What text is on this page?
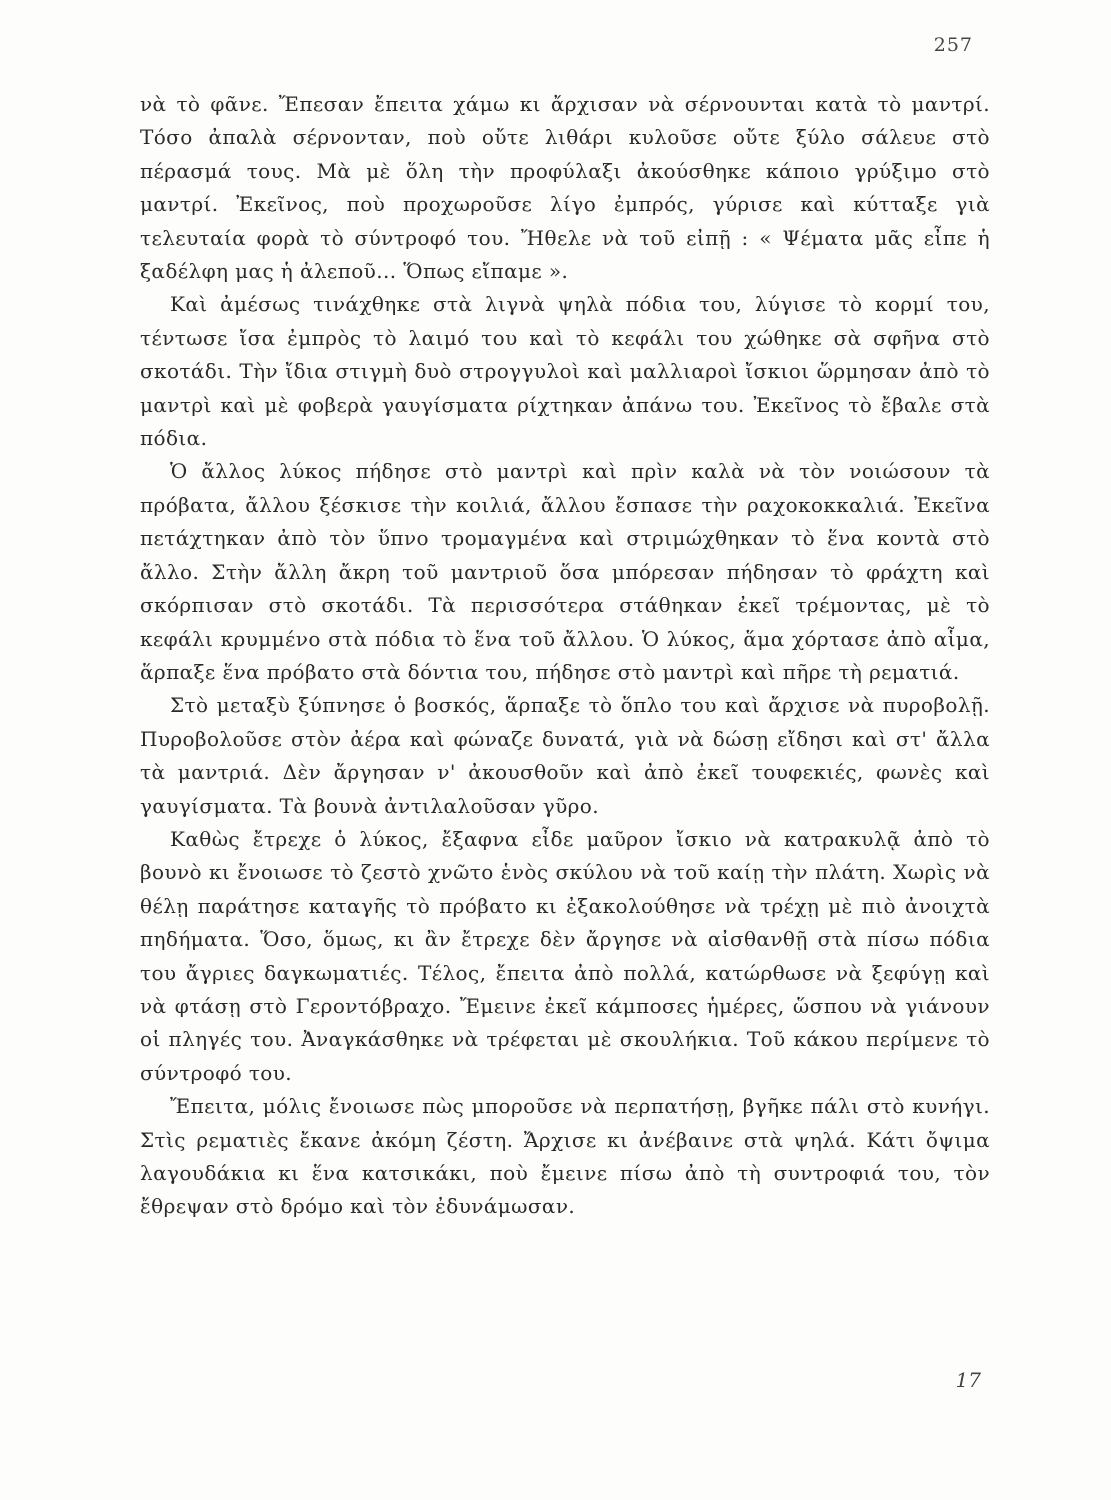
257

νὰ τὸ φᾶνε. Ἔπεσαν ἔπειτα χάμω κι ἄρχισαν νὰ σέρνουνται κατὰ τὸ μαντρί. Τόσο ἀπαλὰ σέρνονταν, ποὺ οὔτε λιθάρι κυλοῦσε οὔτε ξύλο σάλευε στὸ πέρασμά τους. Μὰ μὲ ὅλη τὴν προφύλαξι ἀκούσθηκε κάποιο γρύξιμο στὸ μαντρί. Ἐκεῖνος, ποὺ προχωροῦσε λίγο ἐμπρός, γύρισε καὶ κύτταξε γιὰ τελευταία φορὰ τὸ σύντροφό του. Ἤθελε νὰ τοῦ εἰπῇ : « Ψέματα μᾶς εἶπε ἡ ξαδέλφη μας ἡ ἀλεποῦ... Ὅπως εἴπαμε ».

Καὶ ἀμέσως τινάχθηκε στὰ λιγνὰ ψηλὰ πόδια του, λύγισε τὸ κορμί του, τέντωσε ἴσα ἐμπρὸς τὸ λαιμό του καὶ τὸ κεφάλι του χώθηκε σὰ σφῆνα στὸ σκοτάδι. Τὴν ἴδια στιγμὴ δυὸ στρογγυλοὶ καὶ μαλλιαροὶ ἴσκιοι ὥρμησαν ἀπὸ τὸ μαντρὶ καὶ μὲ φοβερὰ γαυγίσματα ρίχτηκαν ἀπάνω του. Ἐκεῖνος τὸ ἔβαλε στὰ πόδια.

Ὁ ἄλλος λύκος πήδησε στὸ μαντρὶ καὶ πρὶν καλὰ νὰ τὸν νοιώσουν τὰ πρόβατα, ἄλλου ξέσκισε τὴν κοιλιά, ἄλλου ἔσπασε τὴν ραχοκοκκαλιά. Ἐκεῖνα πετάχτηκαν ἀπὸ τὸν ὕπνο τρομαγμένα καὶ στριμώχθηκαν τὸ ἕνα κοντὰ στὸ ἄλλο. Στὴν ἄλλη ἄκρη τοῦ μαντριοῦ ὅσα μπόρεσαν πήδησαν τὸ φράχτη καὶ σκόρπισαν στὸ σκοτάδι. Τὰ περισσότερα στάθηκαν ἐκεῖ τρέμοντας, μὲ τὸ κεφάλι κρυμμένο στὰ πόδια τὸ ἕνα τοῦ ἄλλου. Ὁ λύκος, ἅμα χόρτασε ἀπὸ αἷμα, ἅρπαξε ἕνα πρόβατο στὰ δόντια του, πήδησε στὸ μαντρὶ καὶ πῆρε τὴ ρεματιά.

Στὸ μεταξὺ ξύπνησε ὁ βοσκός, ἅρπαξε τὸ ὅπλο του καὶ ἄρχισε νὰ πυροβολῇ. Πυροβολοῦσε στὸν ἀέρα καὶ φώναζε δυνατά, γιὰ νὰ δώσῃ εἴδησι καὶ στ' ἄλλα τὰ μαντριά. Δὲν ἄργησαν ν' ἀκουσθοῦν καὶ ἀπὸ ἐκεῖ τουφεκιές, φωνὲς καὶ γαυγίσματα. Τὰ βουνὰ ἀντιλαλοῦσαν γῦρο.

Καθὼς ἔτρεχε ὁ λύκος, ἔξαφνα εἶδε μαῦρον ἴσκιο νὰ κατρακυλᾷ ἀπὸ τὸ βουνὸ κι ἔνοιωσε τὸ ζεστὸ χνῶτο ἑνὸς σκύλου νὰ τοῦ καίῃ τὴν πλάτη. Χωρὶς νὰ θέλῃ παράτησε καταγῆς τὸ πρόβατο κι ἐξακολούθησε νὰ τρέχῃ μὲ πιὸ ἀνοιχτὰ πηδήματα. Ὅσο, ὅμως, κι ἂν ἔτρεχε δὲν ἄργησε νὰ αἰσθανθῇ στὰ πίσω πόδια του ἄγριες δαγκωματιές. Τέλος, ἔπειτα ἀπὸ πολλά, κατώρθωσε νὰ ξεφύγῃ καὶ νὰ φτάσῃ στὸ Γεροντόβραχο. Ἔμεινε ἐκεῖ κάμποσες ἡμέρες, ὥσπου νὰ γιάνουν οἱ πληγές του. Ἀναγκάσθηκε νὰ τρέφεται μὲ σκουλήκια. Τοῦ κάκου περίμενε τὸ σύντροφό του.

Ἔπειτα, μόλις ἔνοιωσε πὼς μποροῦσε νὰ περπατήσῃ, βγῆκε πάλι στὸ κυνήγι. Στὶς ρεματιὲς ἔκανε ἀκόμη ζέστη. Ἄρχισε κι ἀνέβαινε στὰ ψηλά. Κάτι ὄψιμα λαγουδάκια κι ἕνα κατσικάκι, ποὺ ἔμεινε πίσω ἀπὸ τὴ συντροφιά του, τὸν ἔθρεψαν στὸ δρόμο καὶ τὸν ἐδυνάμωσαν.

17
